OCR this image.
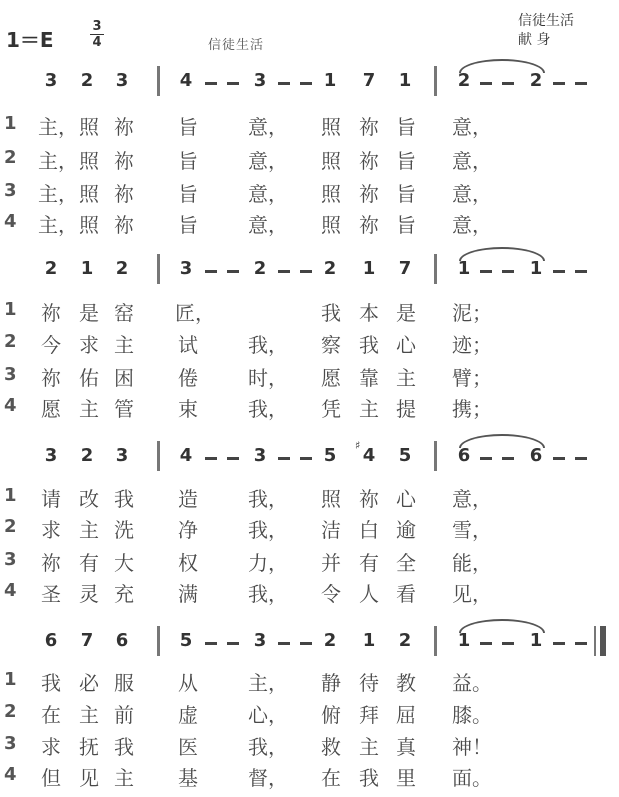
1＝E
3
4	信徒生活
信徒生活
献 身
3 2 3	4	3	1 7 1	2	2
1 主， 照 祢 旨	意， 照 祢 旨 意，
2 主， 照 祢 旨	意， 照 祢 旨 意，
3 主， 照 祢 旨	意， 照 祢 旨 意，
4 主， 照 祢 旨	意， 照 祢 旨 意，
2 1 2	3	2	2 1 7	1	1
1 祢 是 窑 匠，	我 本 是 泥；
2 今 求 主 试	我， 察 我 心 迹；
3 祢 佑 困 倦	时， 愿 靠 主 臂；
4 愿 主 管 束	我， 凭 主 提 携；
3 2 3	4	3	5	♯ 4 5	6	6
1 请 改 我 造	我， 照 祢 心 意，
2 求 主 洗 净	我， 洁 白 逾 雪，
3 祢 有 大 权	力， 并 有 全 能，
4 圣 灵 充 满	我， 令 人 看 见，
6 7 6	5	3	2 1 2	1	1
1 我 必 服 从	主， 静 待 教 益。
2 在 主 前 虚	心， 俯 拜 屈 膝。
3 求 抚 我 医	我， 救 主 真 神！
4 但 见 主 基	督， 在 我 里 面。
